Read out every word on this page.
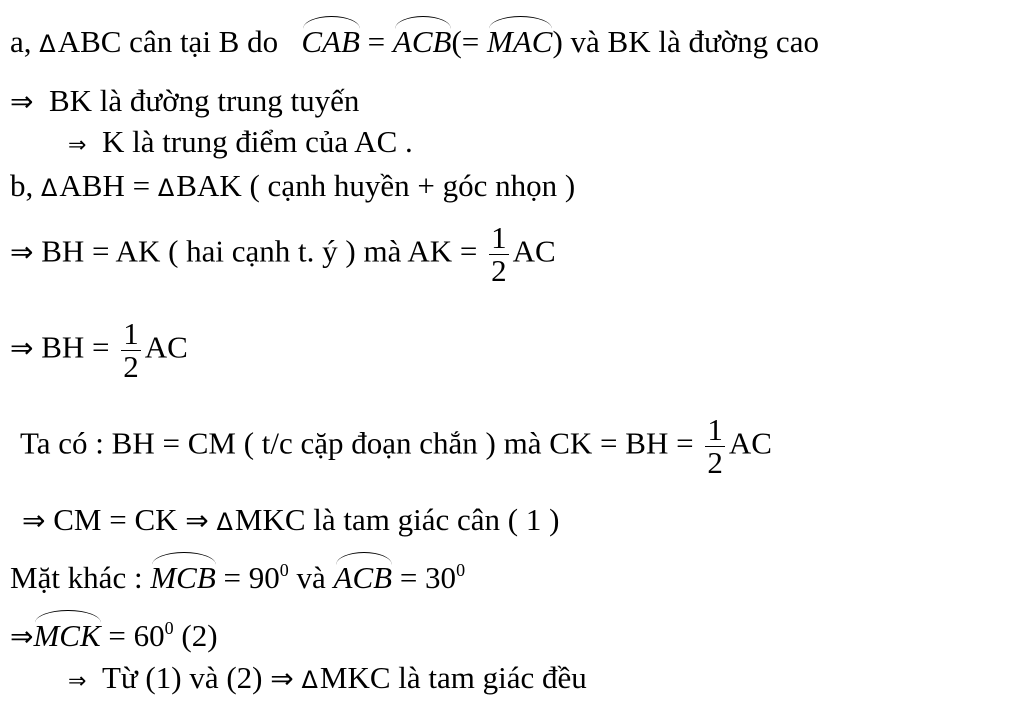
a, ΔABC cân tại B do CAB = ACB(= MAC) và BK là đường cao
⇒ BK là đường trung tuyến
⇒ K là trung điểm của AC .
b, ΔABH = ΔBAK ( cạnh huyền + góc nhọn )
⇒ BH = AK ( hai cạnh t. ý ) mà AK = $\frac{1}{2}$ AC
⇒ BH = $\frac{1}{2}$ AC
Ta có : BH = CM ( t/c cặp đoạn chắn ) mà CK = BH = $\frac{1}{2}$ AC
⇒ CM = CK ⇒ ΔMKC là tam giác cân ( 1 )
Mặt khác : MCB = $90^0$ và ACB = $30^0$
⇒MCK = $60^0$ (2)
⇒ Từ (1) và (2) ⇒ ΔMKC là tam giác đều
